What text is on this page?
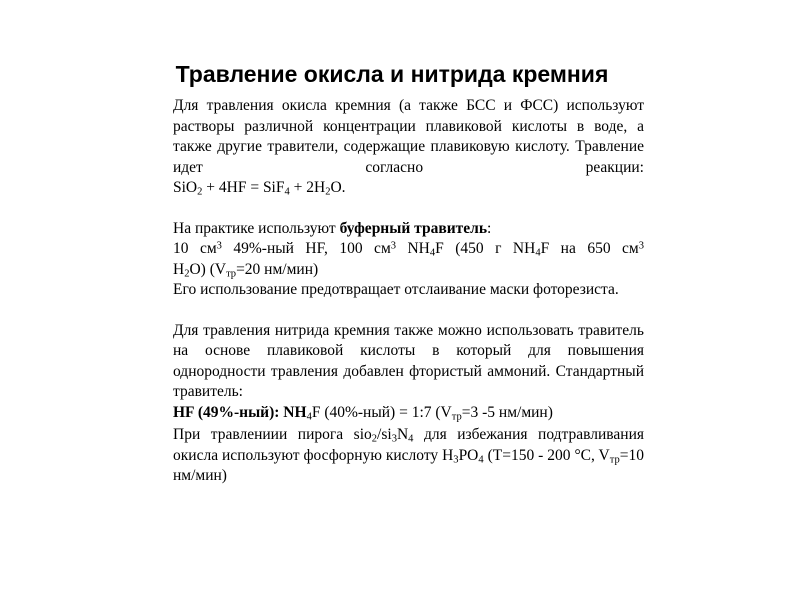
Травление окисла и нитрида кремния

Для травления окисла кремния (а также БСС и ФСС) используют растворы различной концентрации плавиковой кислоты в воде, а также другие травители, содержащие плавиковую кислоту. Травление идет согласно реакции:

$SiO_2 + 4HF = SiF_4 + 2H_2O$.

На практике используют буферный травитель:

10 $см^3$ 49%-ный HF, 100 $см^3$ $NH_4F$ (450 г $NH_4F$ на 650 $см^3$

$H_2O$) ($V_{тр}=20$ нм/мин)

Его использование предотвращает отслаивание маски фоторезиста.

Для травления нитрида кремния также можно использовать травитель на основе плавиковой кислоты в который для повышения однородности травления добавлен фтористый аммоний. Стандартный травитель:

HF (49%-ный): $NH_4F$ (40%-ный) = 1:7 ($V_{тр}=3$ -5 нм/мин)

При травлениии пирога $sio_2/si_3N_4$ для избежания подтравливания окисла используют фосфорную кислоту $H_3PO_4$ (T=150 - 200 °C, $V_{тр}=10$ нм/мин)
